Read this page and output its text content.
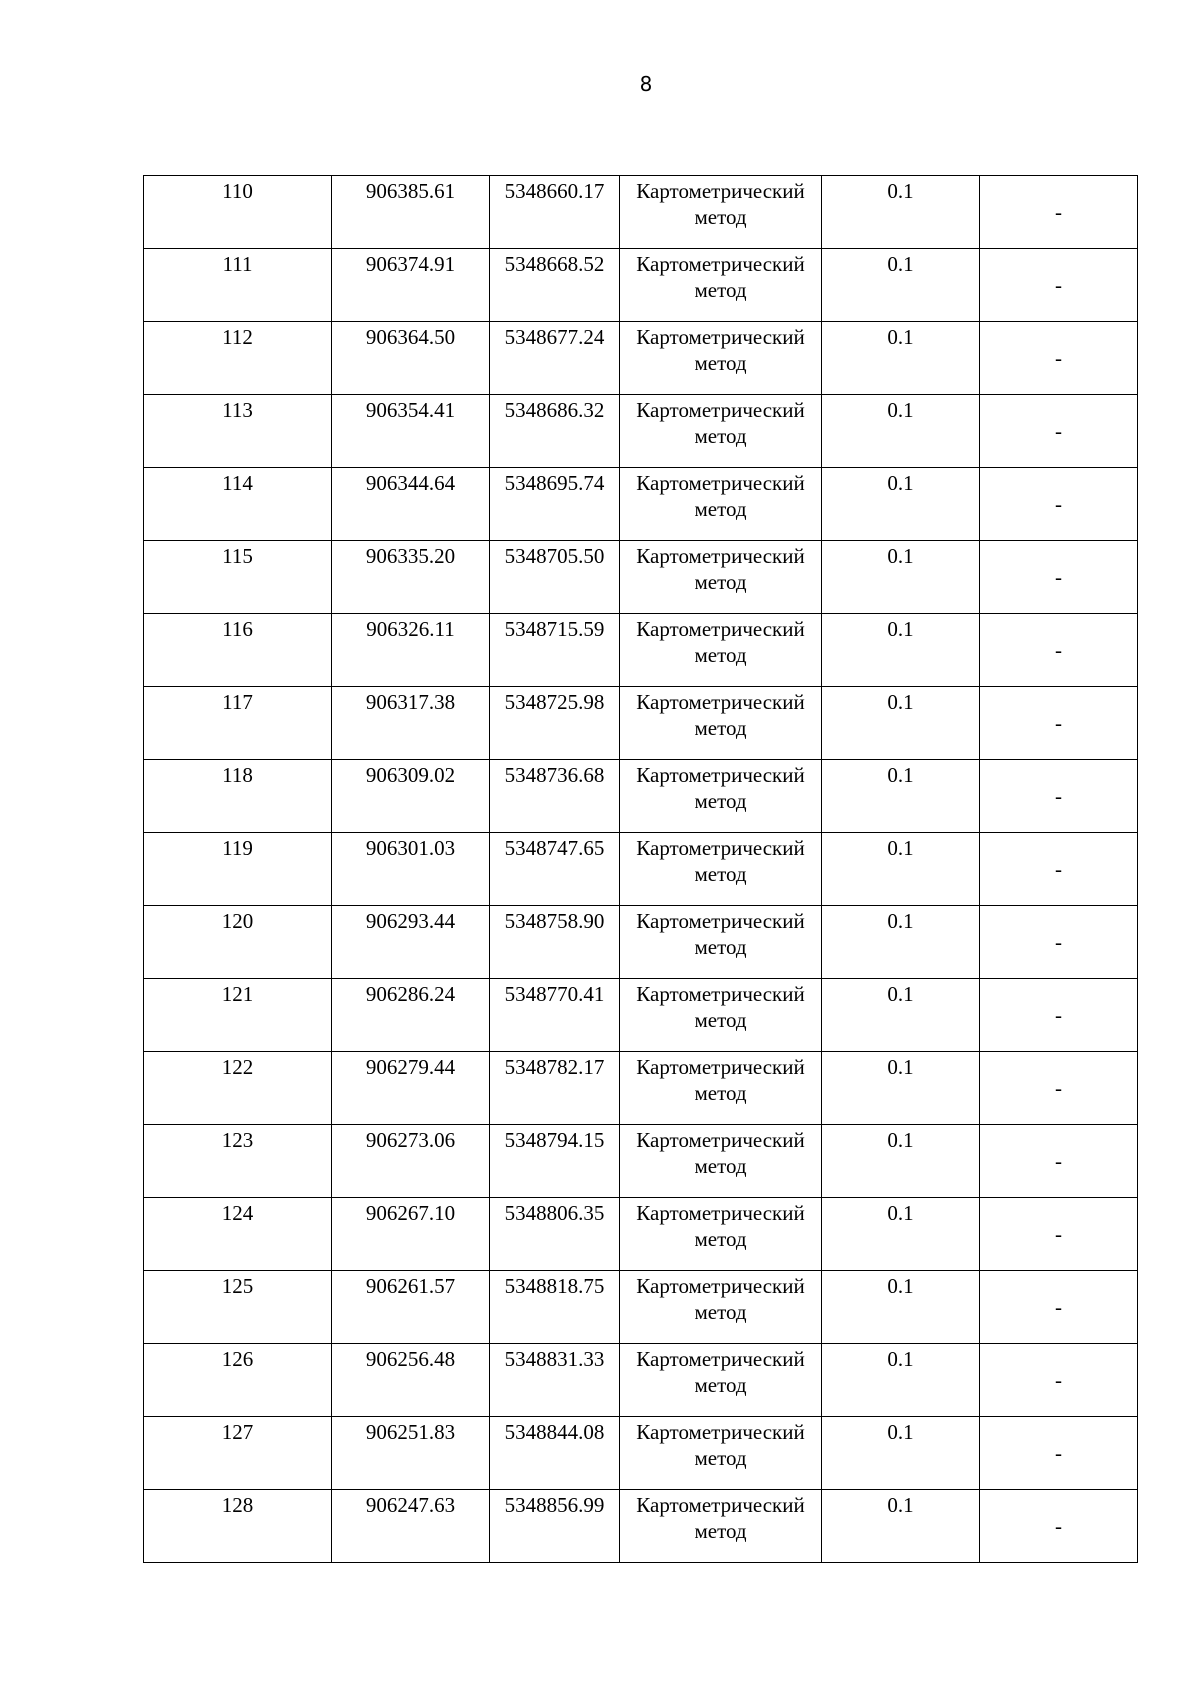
8
110	906385.61	5348660.17	Картометрический метод	0.1	-

111	906374.91	5348668.52	Картометрический метод	0.1	-

112	906364.50	5348677.24	Картометрический метод	0.1	-

113	906354.41	5348686.32	Картометрический метод	0.1	-

114	906344.64	5348695.74	Картометрический метод	0.1	-

115	906335.20	5348705.50	Картометрический метод	0.1	-

116	906326.11	5348715.59	Картометрический метод	0.1	-

117	906317.38	5348725.98	Картометрический метод	0.1	-

118	906309.02	5348736.68	Картометрический метод	0.1	-

119	906301.03	5348747.65	Картометрический метод	0.1	-

120	906293.44	5348758.90	Картометрический метод	0.1	-

121	906286.24	5348770.41	Картометрический метод	0.1	-

122	906279.44	5348782.17	Картометрический метод	0.1	-

123	906273.06	5348794.15	Картометрический метод	0.1	-

124	906267.10	5348806.35	Картометрический метод	0.1	-

125	906261.57	5348818.75	Картометрический метод	0.1	-

126	906256.48	5348831.33	Картометрический метод	0.1	-

127	906251.83	5348844.08	Картометрический метод	0.1	-

128	906247.63	5348856.99	Картометрический метод	0.1	-
